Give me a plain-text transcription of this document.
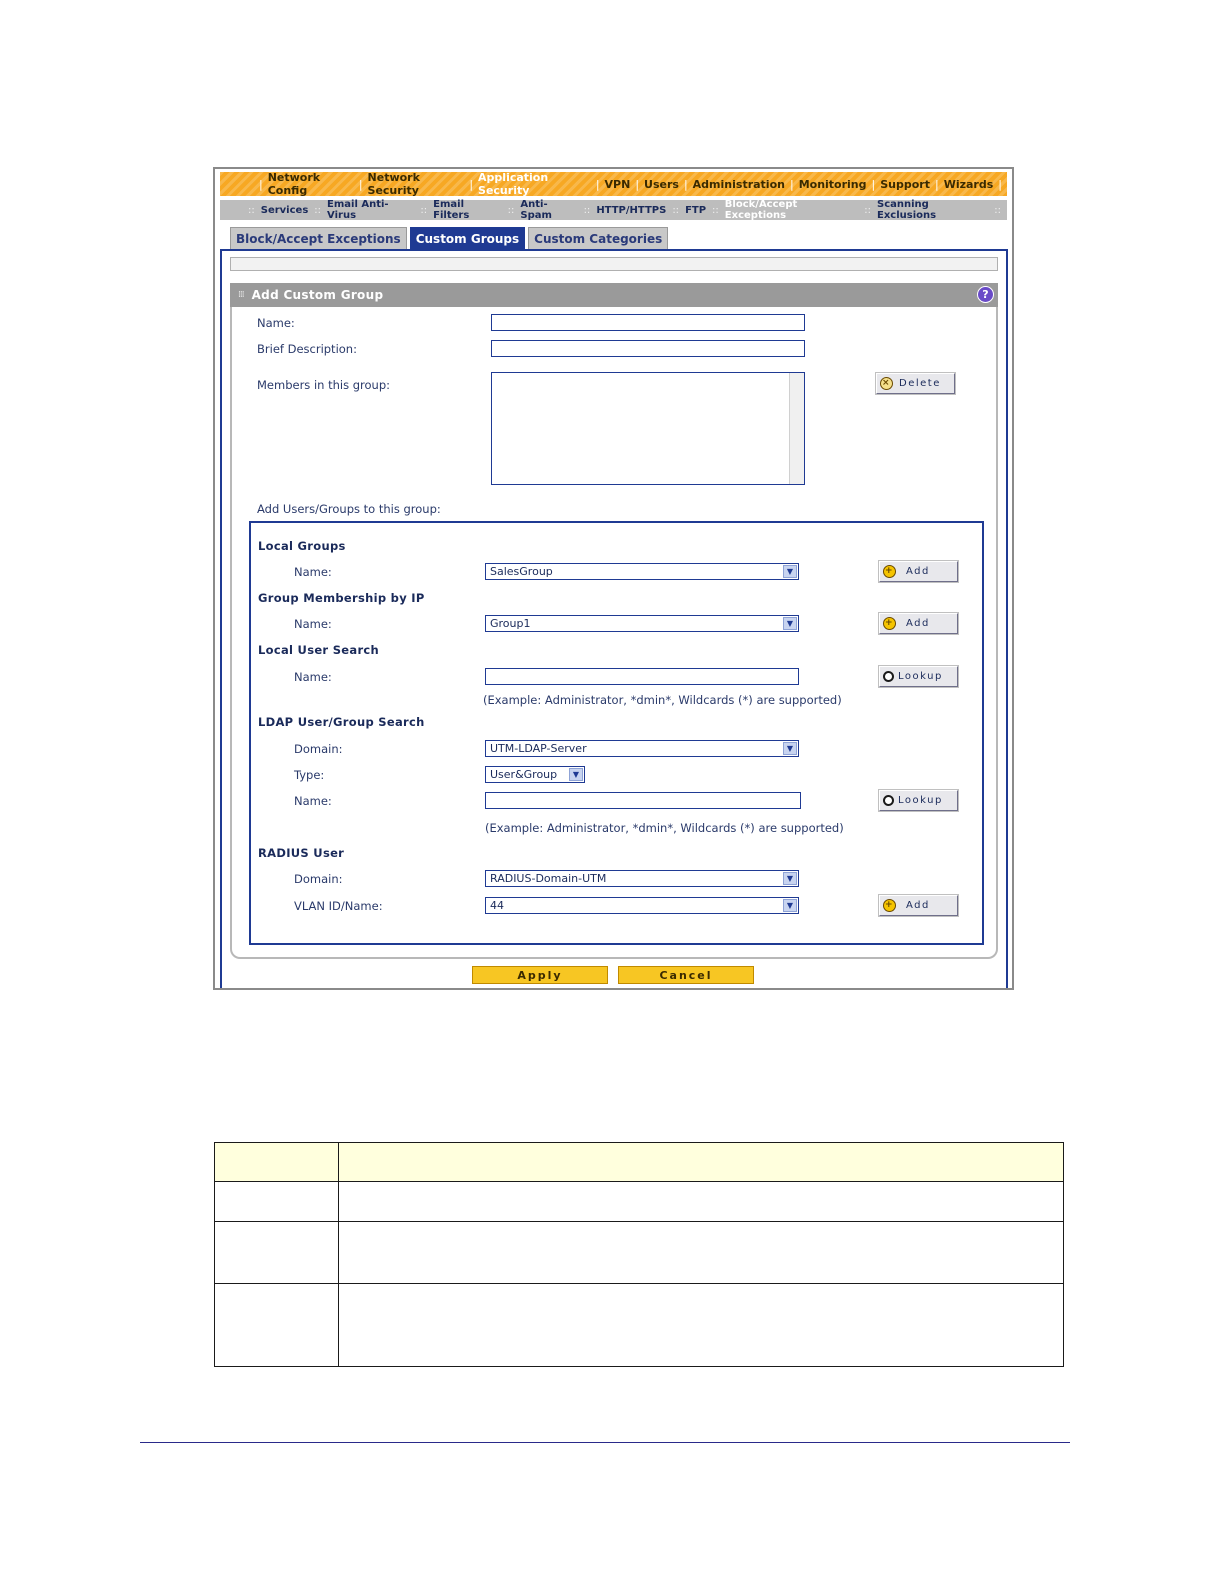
| Network Config	| Network Security	| Application Security	| VPN | Users | Administration | Monitoring | Support | Wizards |
:: Services :: Email Anti-Virus	:: Email Filters	:: Anti-Spam	:: HTTP/HTTPS :: FTP :: Block/Accept Exceptions	:: Scanning Exclusions	::
Block/Accept Exceptions	Custom Groups	Custom Categories
⁞⁞⁞ Add Custom Group	?
Name:
Brief Description:
Members in this group:	× Delete
Add Users/Groups to this group:
Local Groups
Name:	SalesGroup	▼	+ Add
Group Membership by IP
Name:	Group1	▼	+ Add
Local User Search
Name:	Lookup
(Example: Administrator, *dmin*, Wildcards (*) are supported)
LDAP User/Group Search
Domain:	UTM-LDAP-Server	▼
Type:	User&Group	▼
Name:	Lookup
(Example: Administrator, *dmin*, Wildcards (*) are supported)
RADIUS User
Domain:	RADIUS-Domain-UTM	▼
VLAN ID/Name:	44	▼	+ Add
Apply	Cancel
